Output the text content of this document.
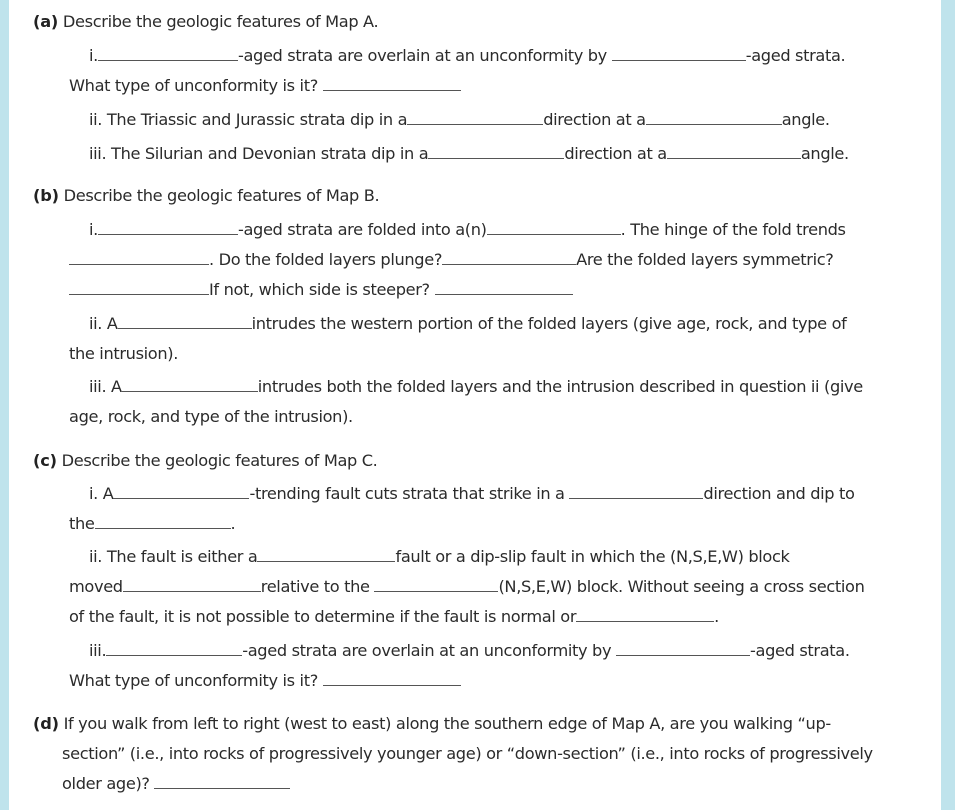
(a) Describe the geologic features of Map A.
i.	-aged strata are overlain at an unconformity by	-aged strata.
What type of unconformity is it?
ii. The Triassic and Jurassic strata dip in a	direction at a	angle.
iii. The Silurian and Devonian strata dip in a	direction at a	angle.
(b) Describe the geologic features of Map B.
i.	-aged strata are folded into a(n)	. The hinge of the fold trends
. Do the folded layers plunge?	Are the folded layers symmetric?
If not, which side is steeper?
ii. A	intrudes the western portion of the folded layers (give age, rock, and type of
the intrusion).
iii. A	intrudes both the folded layers and the intrusion described in question ii (give
age, rock, and type of the intrusion).
(c) Describe the geologic features of Map C.
i. A	-trending fault cuts strata that strike in a	direction and dip to
the	.
ii. The fault is either a	fault or a dip-slip fault in which the (N,S,E,W) block
moved	relative to the	(N,S,E,W) block. Without seeing a cross section
of the fault, it is not possible to determine if the fault is normal or	.
iii.	-aged strata are overlain at an unconformity by	-aged strata.
What type of unconformity is it?
(d) If you walk from left to right (west to east) along the southern edge of Map A, are you walking “up-
section” (i.e., into rocks of progressively younger age) or “down-section” (i.e., into rocks of progressively
older age)?
